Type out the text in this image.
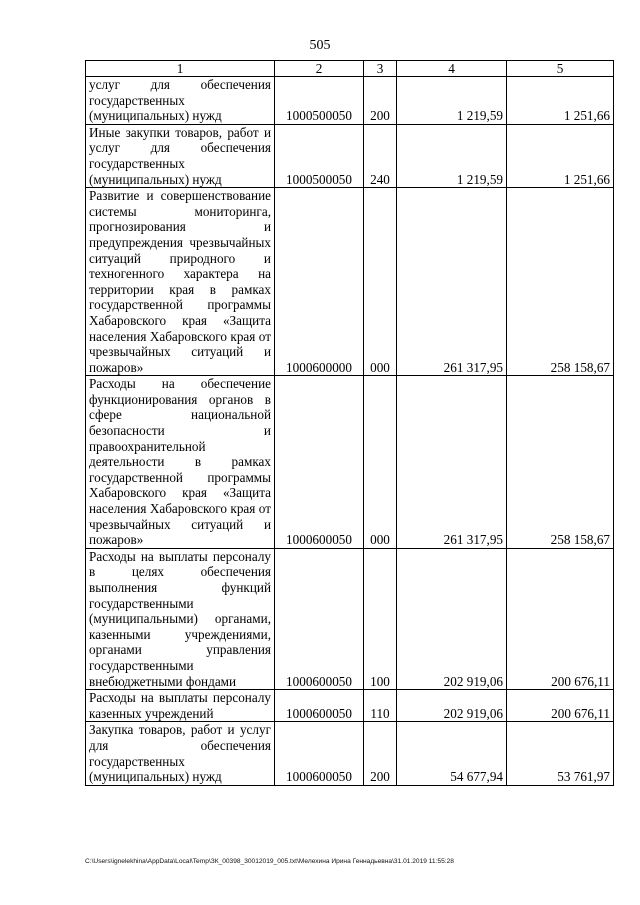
505
1	2	3	4	5
услуг для обеспечения государственных (муниципальных) нужд	1000500050	200	1 219,59	1 251,66
Иные закупки товаров, работ и услуг для обеспечения государственных (муниципальных) нужд	1000500050	240	1 219,59	1 251,66
Развитие и совершенствование системы мониторинга, прогнозирования и предупреждения чрезвычайных ситуаций природного и техногенного характера на территории края в рамках государственной программы Хабаровского края «Защита населения Хабаровского края от чрезвычайных ситуаций и пожаров»	1000600000	000	261 317,95	258 158,67
Расходы на обеспечение функционирования органов в сфере национальной безопасности и правоохранительной деятельности в рамках государственной программы Хабаровского края «Защита населения Хабаровского края от чрезвычайных ситуаций и пожаров»	1000600050	000	261 317,95	258 158,67
Расходы на выплаты персоналу в целях обеспечения выполнения функций государственными (муниципальными) органами, казенными учреждениями, органами управления государственными внебюджетными фондами	1000600050	100	202 919,06	200 676,11
Расходы на выплаты персоналу казенных учреждений	1000600050	110	202 919,06	200 676,11
Закупка товаров, работ и услуг для обеспечения государственных (муниципальных) нужд	1000600050	200	54 677,94	53 761,97
C:\Users\ignelekhina\AppData\Local\Temp\ЗК_00398_30012019_005.txt\Мелехина Ирина Геннадьевна\31.01.2019 11:55:28
